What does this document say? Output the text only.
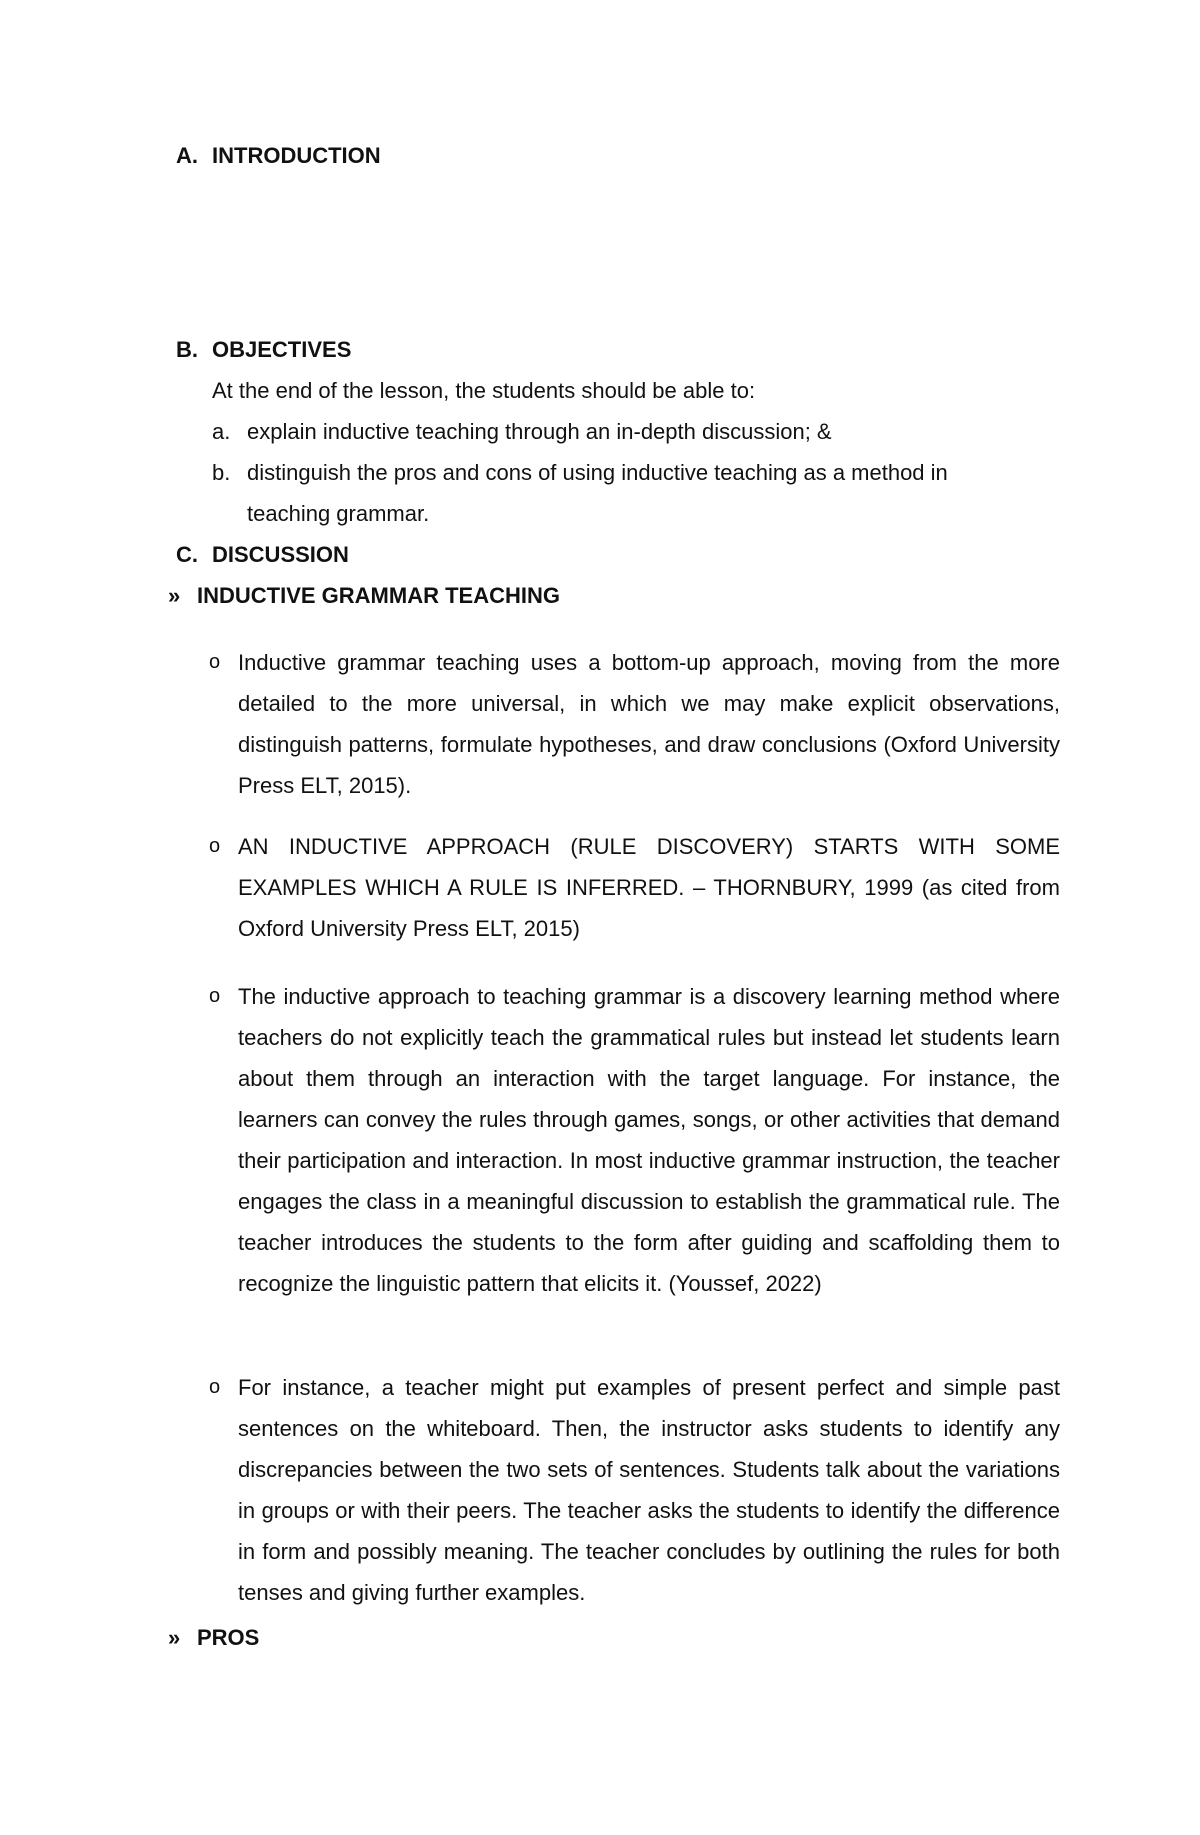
A. INTRODUCTION
B. OBJECTIVES
At the end of the lesson, the students should be able to:
a. explain inductive teaching through an in-depth discussion; &
b. distinguish the pros and cons of using inductive teaching as a method in
teaching grammar.
C. DISCUSSION
» INDUCTIVE GRAMMAR TEACHING
o Inductive grammar teaching uses a bottom-up approach, moving from the more detailed to the more universal, in which we may make explicit observations, distinguish patterns, formulate hypotheses, and draw conclusions (Oxford University Press ELT, 2015).

o AN INDUCTIVE APPROACH (RULE DISCOVERY) STARTS WITH SOME EXAMPLES WHICH A RULE IS INFERRED. – THORNBURY, 1999 (as cited from Oxford University Press ELT, 2015)

o The inductive approach to teaching grammar is a discovery learning method where teachers do not explicitly teach the grammatical rules but instead let students learn about them through an interaction with the target language. For instance, the learners can convey the rules through games, songs, or other activities that demand their participation and interaction. In most inductive grammar instruction, the teacher engages the class in a meaningful discussion to establish the grammatical rule. The teacher introduces the students to the form after guiding and scaffolding them to recognize the linguistic pattern that elicits it. (Youssef, 2022)

o For instance, a teacher might put examples of present perfect and simple past sentences on the whiteboard. Then, the instructor asks students to identify any discrepancies between the two sets of sentences. Students talk about the variations in groups or with their peers. The teacher asks the students to identify the difference in form and possibly meaning. The teacher concludes by outlining the rules for both tenses and giving further examples.

» PROS
